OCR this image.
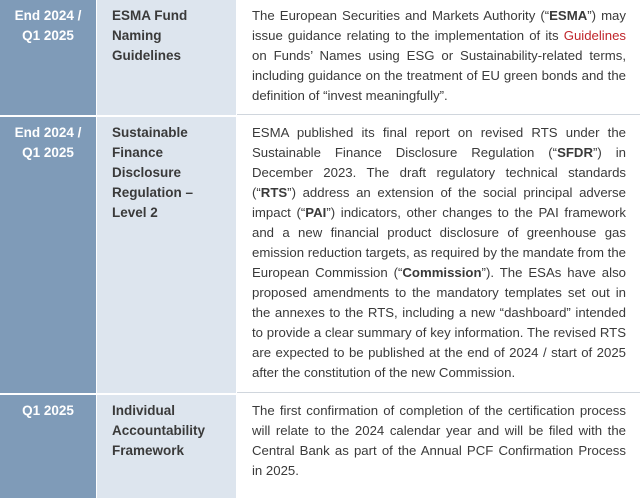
End 2024 /
Q1 2025
ESMA Fund
Naming
Guidelines
The European Securities and Markets Authority (“ESMA”) may issue guidance relating to the implementation of its Guidelines on Funds’ Names using ESG or Sustainability-related terms, including guidance on the treatment of EU green bonds and the definition of “invest meaningfully”.
End 2024 /
Q1 2025
Sustainable
Finance
Disclosure
Regulation –
Level 2
ESMA published its final report on revised RTS under the Sustainable Finance Disclosure Regulation (“SFDR”) in December 2023. The draft regulatory technical standards (“RTS”) address an extension of the social principal adverse impact (“PAI”) indicators, other changes to the PAI framework and a new financial product disclosure of greenhouse gas emission reduction targets, as required by the mandate from the European Commission (“Commission”). The ESAs have also proposed amendments to the mandatory templates set out in the annexes to the RTS, including a new “dashboard” intended to provide a clear summary of key information. The revised RTS are expected to be published at the end of 2024 / start of 2025 after the constitution of the new Commission.
Q1 2025	Individual
Accountability
Framework
The first confirmation of completion of the certification process will relate to the 2024 calendar year and will be filed with the Central Bank as part of the Annual PCF Confirmation Process in 2025.
